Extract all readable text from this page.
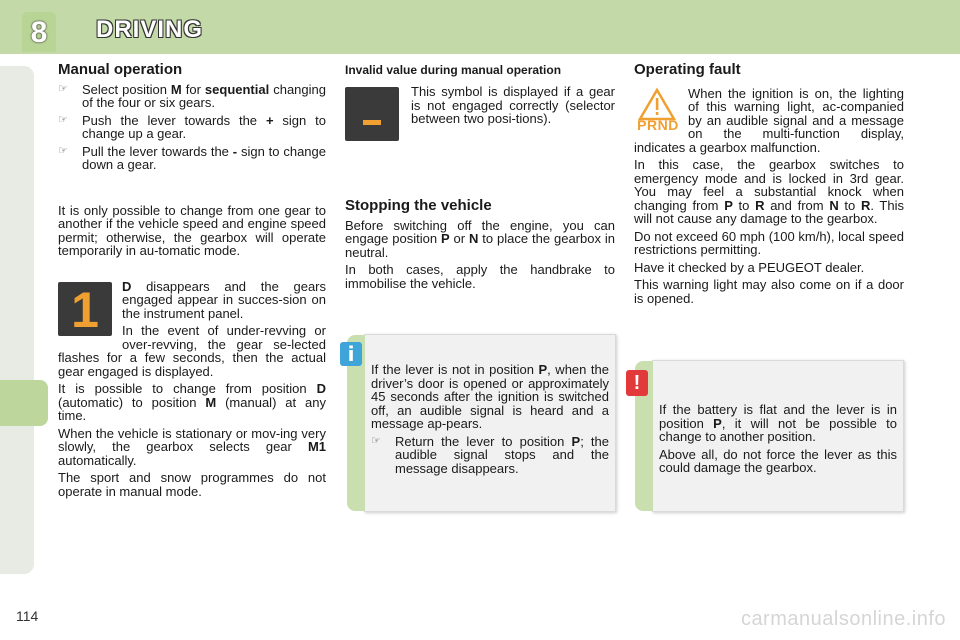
8	DRIVING
Manual operation
☞	Select position M for sequential changing of the four or six gears.
☞	Push the lever towards the + sign to change up a gear.
☞	Pull the lever towards the - sign to change down a gear.

It is only possible to change from one gear to another if the vehicle speed and engine speed permit; otherwise, the gearbox will operate temporarily in au-tomatic mode.

1	D disappears and the gears engaged appear in succes-sion on the instrument panel.

In the event of under-revving or over-revving, the gear se-lected flashes for a few seconds, then the actual gear engaged is displayed.

It is possible to change from position D (automatic) to position M (manual) at any time.

When the vehicle is stationary or mov-ing very slowly, the gearbox selects gear M1 automatically.

The sport and snow programmes do not operate in manual mode.

Invalid value during manual operation

This symbol is displayed if a gear is not engaged correctly (selector between two posi-tions).

Stopping the vehicle

Before switching off the engine, you can engage position P or N to place the gearbox in neutral.

In both cases, apply the handbrake to immobilise the vehicle.

If the lever is not in position P, when the driver’s door is opened or approximately 45 seconds after the ignition is switched off, an audible signal is heard and a message ap-pears.

☞	Return the lever to position P; the audible signal stops and the message disappears.
i
Operating fault
PRND

When the ignition is on, the lighting of this warning light, ac-companied by an audible signal and a message on the multi-function display, indicates a gearbox malfunction.

In this case, the gearbox switches to emergency mode and is locked in 3rd gear. You may feel a substantial knock when changing from P to R and from N to R. This will not cause any damage to the gearbox.

Do not exceed 60 mph (100 km/h), local speed restrictions permitting.

Have it checked by a PEUGEOT dealer.

This warning light may also come on if a door is opened.

If the battery is flat and the lever is in position P, it will not be possible to change to another position.

Above all, do not force the lever as this could damage the gearbox.

!
114	carmanualsonline.info
